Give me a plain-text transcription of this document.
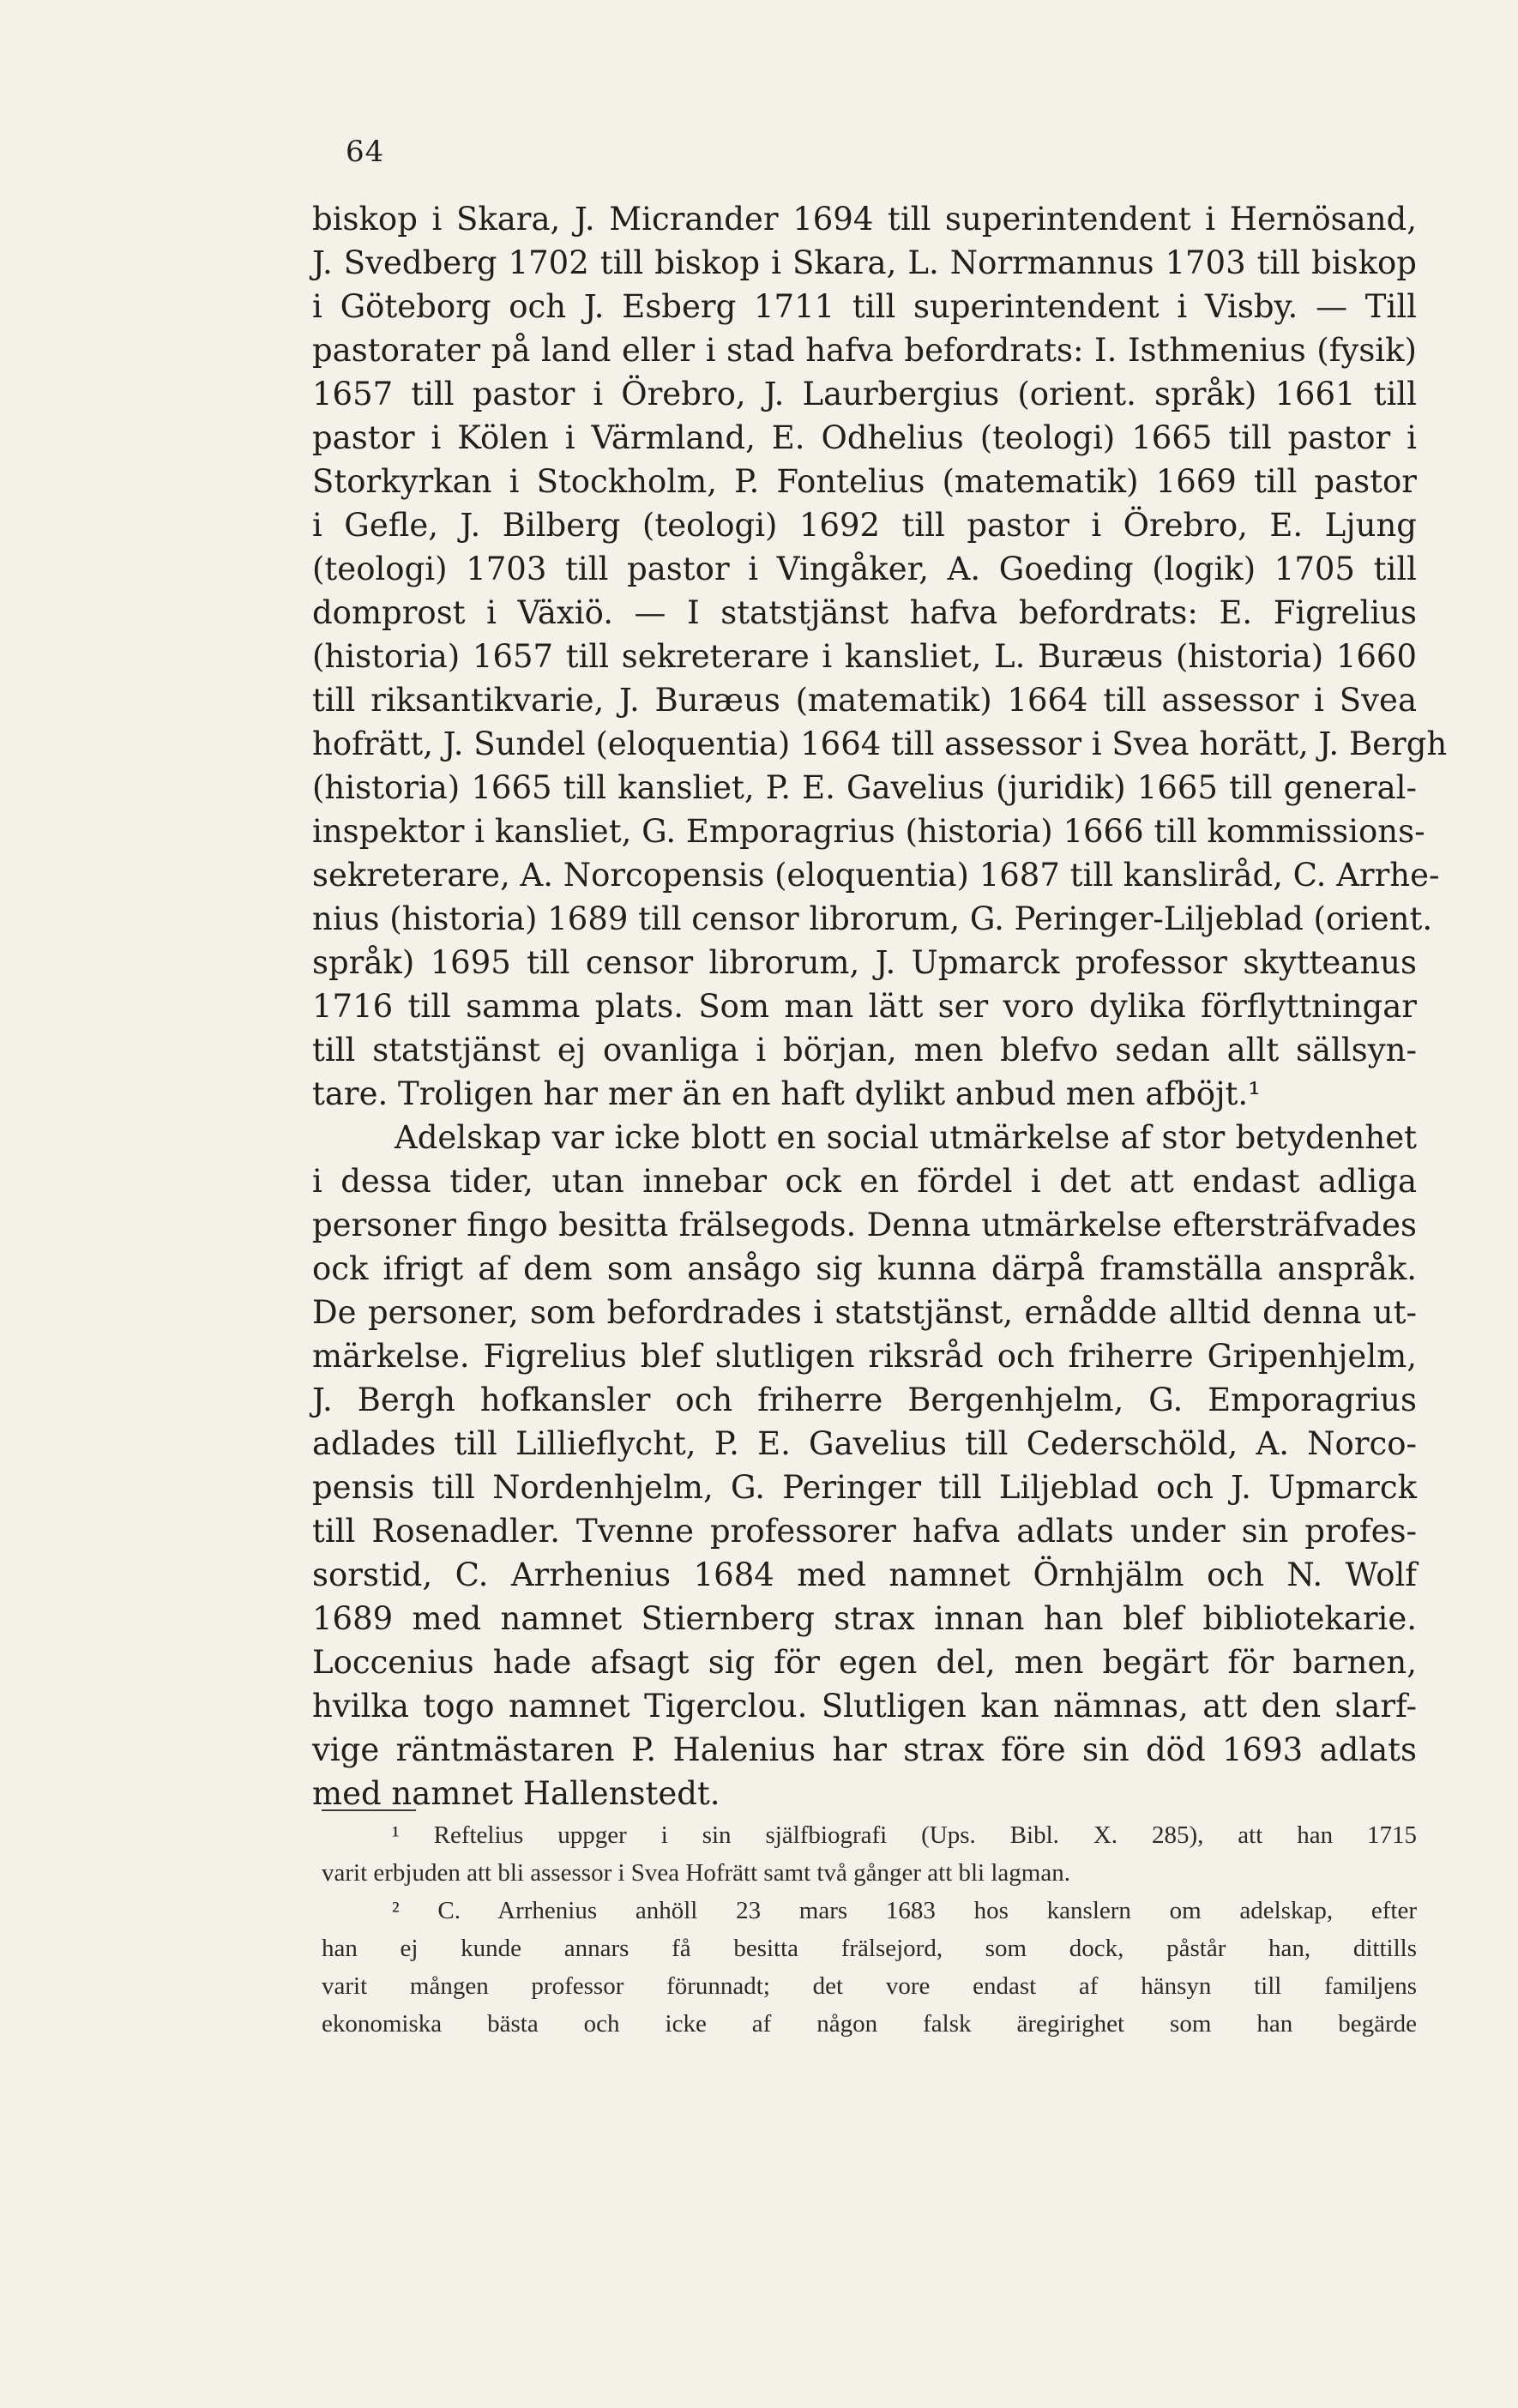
64
biskop i Skara, J. Micrander 1694 till superintendent i Hernösand,
J. Svedberg 1702 till biskop i Skara, L. Norrmannus 1703 till biskop
i Göteborg och J. Esberg 1711 till superintendent i Visby. — Till
pastorater på land eller i stad hafva befordrats: I. Isthmenius (fysik)
1657 till pastor i Örebro, J. Laurbergius (orient. språk) 1661 till
pastor i Kölen i Värmland, E. Odhelius (teologi) 1665 till pastor i
Storkyrkan i Stockholm, P. Fontelius (matematik) 1669 till pastor
i Gefle, J. Bilberg (teologi) 1692 till pastor i Örebro, E. Ljung
(teologi) 1703 till pastor i Vingåker, A. Goeding (logik) 1705 till
domprost i Växiö. — I statstjänst hafva befordrats: E. Figrelius
(historia) 1657 till sekreterare i kansliet, L. Buræus (historia) 1660
till riksantikvarie, J. Buræus (matematik) 1664 till assessor i Svea
hofrätt, J. Sundel (eloquentia) 1664 till assessor i Svea horätt, J. Bergh
(historia) 1665 till kansliet, P. E. Gavelius (juridik) 1665 till general-
inspektor i kansliet, G. Emporagrius (historia) 1666 till kommissions-
sekreterare, A. Norcopensis (eloquentia) 1687 till kanslіråd, C. Arrhe-
nius (historia) 1689 till censor librorum, G. Peringer-Liljeblad (orient.
språk) 1695 till censor librorum, J. Upmarck professor skytteanus
1716 till samma plats. Som man lätt ser voro dylika förflyttningar
till statstjänst ej ovanliga i början, men blefvo sedan allt sällsyn-
tare. Troligen har mer än en haft dylikt anbud men afböjt.¹
Adelskap var icke blott en social utmärkelse af stor betydenhet
i dessa tider, utan innebar ock en fördel i det att endast adliga
personer fingo besitta frälsegods. Denna utmärkelse eftersträfvades
ock ifrigt af dem som ansågo sig kunna därpå framställa anspråk.
De personer, som befordrades i statstjänst, ernådde alltid denna ut-
märkelse. Figrelius blef slutligen riksråd och friherre Gripenhjelm,
J. Bergh hofkansler och friherre Bergenhjelm, G. Emporagrius
adlades till Lillieflycht, P. E. Gavelius till Cederschöld, A. Norco-
pensis till Nordenhjelm, G. Peringer till Liljeblad och J. Upmarck
till Rosenadler. Tvenne professorer hafva adlats under sin profes-
sorstid, C. Arrhenius 1684 med namnet Örnhjälm och N. Wolf
1689 med namnet Stiernberg strax innan han blef bibliotekarie.
Loccenius hade afsagt sig för egen del, men begärt för barnen,
hvilka togo namnet Tigerclou. Slutligen kan nämnas, att den slarf-
vige räntmästaren P. Halenius har strax före sin död 1693 adlats
med namnet Hallenstedt.
¹ Reftelius uppger i sin själfbiografi (Ups. Bibl. X. 285), att han 1715
varit erbjuden att bli assessor i Svea Hofrätt samt två gånger att bli lagman.
² C. Arrhenius anhöll 23 mars 1683 hos kanslern om adelskap, efter
han ej kunde annars få besitta frälsejord, som dock, påstår han, dittills
varit mången professor förunnadt; det vore endast af hänsyn till familjens
ekonomiska bästa och icke af någon falsk äregirighet som han begärde
